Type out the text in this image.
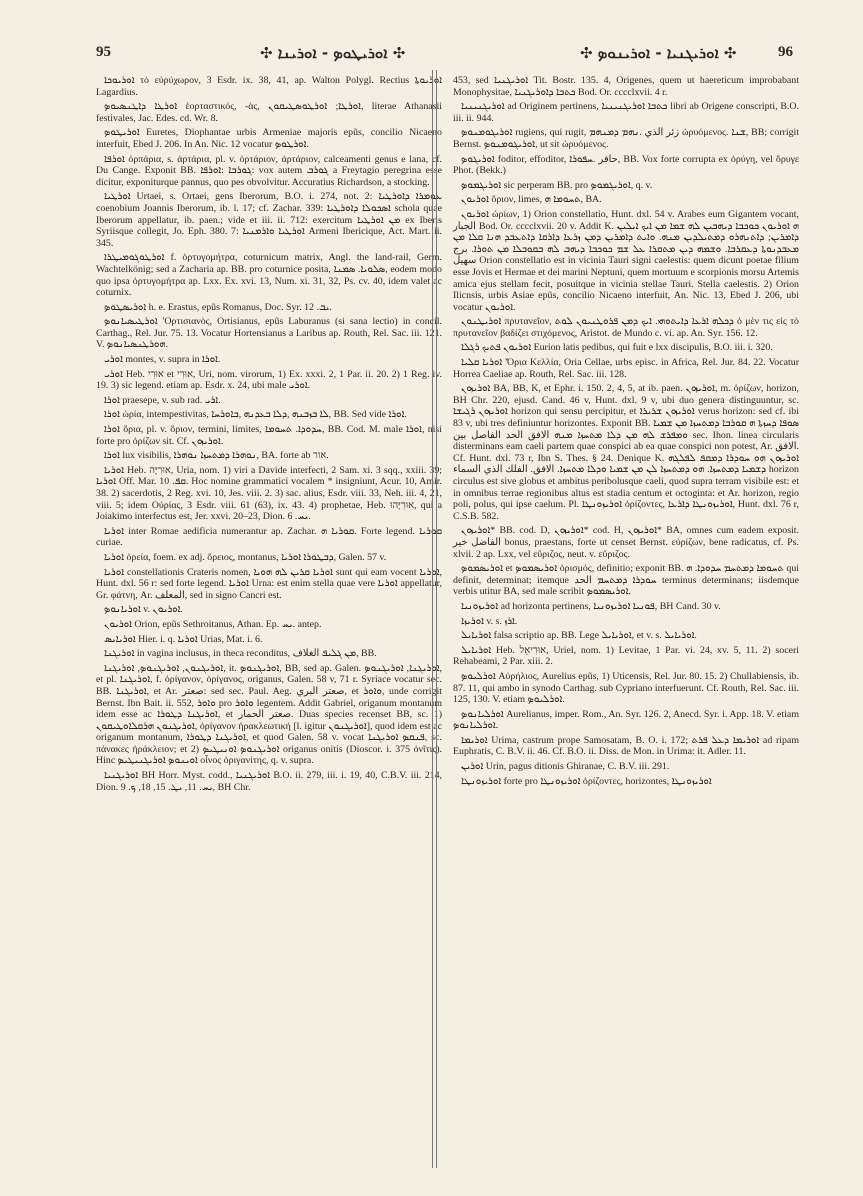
95	✣ ܐܘܪܝܛܘܤ - ܐܘܪܝܢܐ ✣	✣ ܐܘܪܝܓܢܝܐ - ܐܘܪܝܢܘܤ ✣	96

ܐܘܪܝܘܟܐ τὸ εὐρύχωρον, 3 Esdr. ix. 38, 41, ap. Walton Polygl. Rectius ܐܘܪܝܘܬܐ Lagardius.

ܐܘܪܛܐ ܕܐܛܢܣܝܘܤ ἑορταστικός, -ὰς, ܐܘܪܛܐ; ܐܘܪܛܘܤܛܝܩܘܢ, literae Athanasii festivales, Jac. Edes. cd. Wr. 8.

ܐܘܪܝܛܘܤ Euretes, Diophantae urbis Armeniae majoris epũs, concilio Nicaeno interfuit, Ebed J. 206. In An. Nic. 12 vocatur ܐܘܪܛܘܤ.

ܐܘܪܦܐ ὀρπάρια, s. ἀρτάρια, pl. v. ὀρτάριον, ἀρτάριον, calceamenti genus e lana, cf. Du Cange. Exponit BB. ܓܘܪܒܐ :ܐܘܪܦܐ: vox autem ܓܘܪܒ a Freytagio peregrina esse dicitur, exponiturque pannus, quo pes obvolvitur. Accuratius Richardson, a stocking.

ܐܘܪܛܝܐ Urtaei, s. Ortaei, gens Iberorum, B.O. i. 274, not. 2: ܥܘܡܪܐ ܕܐܘܪܛܝܐ coenobium Joannis Iberorum, ib. l. 17; cf. Zachar. 339: ܐܣܟܘܠܐ ܕܐܘܪܛܝܐ schola quae Iberorum appellatur, ib. paen.; vide et iii. ii. 712: exercitum ܡܢ ܐܘܪܛܝܐ ex Iberis Syriisque collegit, Jo. Eph. 380. 7: ܐܘܪܛܝܐ ܘܐܪܡܢܝܐ Armeni Ibericique, Act. Mart. ii. 345.

ܐܘܪܛܘܓܘܡܝܛܪܐ f. ὀρτυγομήτρα, coturnicum matrix, Angl. the land-rail, Germ. Wachtelkönig; sed a Zacharia ap. BB. pro coturnice posita, ܣܠܘܝܐ. ܣܡܢܐ, eodem modo quo ipsa ὀρτυγομήτρα ap. Lxx. Ex. xvi. 13, Num. xi. 31, 32, Ps. cv. 40, idem valet ac coturnix.

ܐܘܪܝܣܛܘܤ h. e. Erastus, epũs Romanus, Doc. Syr. ܝܒ. 12.

ܐܘܪܛܝܣܝܐܢܘܤ 'Ορτισιανὸς, Ortisianus, epũs Laburanus (si sana lectio) in concil. Carthag., Rel. Jur. 75. 13. Vocatur Hortensianus a Laribus ap. Routh, Rel. Sac. iii. 121. V. ܗܘܪܛܢܣܝܐܢܘܤ.

ܐܘܪܝ montes, v. supra in ܐܘܪܐ.

ܐܘܪܝ Heb. אוּרִי et אוּרִי, Uri, nom. virorum, 1) Ex. xxxi. 2, 1 Par. ii. 20. 2) 1 Reg. iv. 19. 3) sic legend. etiam ap. Esdr. x. 24, ubi male ܐܘܪܝ.

ܐܘܪܐ praesepe, v. sub rad. ܐܪܝ.

ܐܘܪܐ ὠρία, intempestivitas, ܠܐ ܒܙܒܢܗ ,ܕܠܐ ܒܥܕܢܗ ,ܒܐܘܪܚܐ, BB. Sed vide ܐܘܪܐ.

ܐܘܪܐ ὅρια, pl. v. ὅριον, termini, limites, ܚܕܘܕܐ. ܬܚܘܡܐ, BB. Cod. M. male ܐܘܪܐ, nisi forte pro ὀρίζων sit. Cf. ܐܘܪܝܙܘܢ.

ܐܘܪܐ lux visibilis, ܢܘܗܪܐ ܕܡܬܚܙܐ ܢܘܗܪܐ, BA. forte ab אור.

ܐܘܪܝܐ Heb. אוּרִיָּה, Uria, nom. 1) viri a Davide interfecti, 2 Sam. xi. 3 sqq., xxiii. 39; ܐܘܪܝܐ Off. Mar. ܩܦ. 10. Hoc nomine grammatici vocalem * insigniunt, Acur. 10, Amir. 38. 2) sacerdotis, 2 Reg. xvi. 10, Jes. viii. 2. 3) sac. alius, Esdr. viii. 33, Neh. iii. 4, 21, viii. 5; idem Οὐρίας, 3 Esdr. viii. 61 (63), ix. 43. 4) prophetae, Heb. אוּרִיָּהוּ, qui a Joiakimo interfectus est, Jer. xxvi. 20–23, Dion. ܝܚ. 6.

ܐܘܪܝܐ inter Romae aedificia numerantur ap. Zachar. ܩܘܪܝܐ ܗ. Forte legend. ܩܘܪܝܐ curiae.

ܐܘܪܝܐ ὀρεία, foem. ex adj. ὄρειος, montanus, ܕܒܛܘܪܐ ܐܘܪܝܐ, Galen. 57 v.

ܐܘܪܝܐ constellationis Crateris nomen, ܐܘܪܝܐ ܩܪܝܢ ܠܗ ܗܘܝܐ sunt qui eam vocent ܐܘܪܝܐ, Hunt. dxl. 56 r: sed forte legend. ܐܘܪܝܐ Urna: est enim stella quae vere ܐܘܪܝܐ appellatur, Gr. φάτνη, Ar. المعلف, sed in signo Cancri est.

ܐܘܪܝܐܢܘܤ v. ܐܘܪܝܘܢ.

ܐܘܪܝܘܢ Orion, epũs Sethroitanus, Athan. Ep. ܝܚ. antep.

ܐܘܪܝܐܝܣ Hier. i. q. ܐܘܪܝܐ Urias, Mat. i. 6.

ܐܘܪܝܓܢܐ in vagina inclusus, in theca reconditus, ܡܢ ܓܠܝܦ الغلاف, BB.

ܐܘܪܝܓܢܘܢ, ܐܘܪܝܓܢܘܤ, ܐܘܪܝܓܢܐ, it. ܐܘܪܝܓܢܘܤ, BB, sed ap. Galen. ܐܘܪܝܓܢܐ, ܐܘܪܝܓܢܘܤ, et pl. ܐܘܪܝܓܢܐ, f. ὀρίγανον, ὀρίγανος, origanus, Galen. 58 v, 71 r. Syriace vocatur sec. BB. ܐܘܪܝܓܢܐ, et Ar. صعتر: sed sec. Paul. Aeg. صعتر البري, et ܘܐܘܪ, unde corrigit Bernst. Ibn Bait. ii. 552, ܘܐܘܪ pro ܘܐܘܪ legentem. Addit Gabriel, origanum montanum idem esse ac ܐܘܪܝܓܢܐ ܕܛܘܪܐ, et صعتر الحمار. Duas species recenset BB, sc. 1) ܐܘܪܝܓܢܘܢ ܗܪܩܠܐܘܛܝܩܘܢ, ὀρίγανον ἡρακλεωτική [l. igitur ܐܘܪܝܓܢܘܢ], quod idem est ac origanum montanum, ܐܘܪܝܓܢܐ ܕܛܘܪܐ, et quod Galen. 58 v. vocat ܦܢܩܤ ܐܘܪܝܓܢܐ, sc. πάνακες ἡράκλειον; et 2) ܐܘܪܝܓܢܘܤ ܐܘܢܝܛܝܤ origanus onitis (Dioscor. i. 375 ὀνῖτις). Hinc ܐܘܝܢܘܤ ܐܘܪܝܓܢܝܛܝܤ οἶνος ὀριγανίτης, q. v. supra.

ܐܘܪܝܓܢܝܐ BH Horr. Myst. codd., ܐܘܪܝܓܢܝܐ B.O. ii. 279, iii. i. 19, 40, C.B.V. iii. 214, Dion. ܝܚ. 11, ܝܛ. 15, 18, ܟ. 9, BH Chr.

453, sed ܐܘܪܝܓܢܝܐ Tit. Bostr. 135. 4, Origenes, quem ut haereticum improbabant Monophysitae, ܟܬܒܐ ܕܐܘܪܝܓܢܝܐ Bod. Or. cccclxvii. 4 r.

ܐܘܪܝܓܢܝܢܝܐ ad Originem pertinens, ܟܬܒܐ ܐܘܪܝܓܢܝܢܝܐ libri ab Origene conscripti, B.O. iii. ii. 944.

ܐܘܪܝܓܘܡܢܘܤ rugiens, qui rugit, زئر الذي .ܢܗܡ ܕܡܢܗܡ ὠρυόμενος. ܫܢܐ, BB; corrigit Bernst. ܐܘܪܝܓܘܡܢܘܤ, ut sit ὠρυόμενος.

ܐܘܪܝܓܘܤ foditor, effoditor, حافر .ܚܦܘܪܐ, BB. Vox forte corrupta ex ὀρύγη, vel ὄρυγε Phot. (Bekk.)

ܐܘܪܝܓܡܘܤ sic perperam BB. pro ܐܘܪܝܓܡܘܤ, q. v.

ܐܘܪܝܘܢ ὅριον, limes, ܬܚܘܡܐ ܗ, BA.

ܐܘܪܝܘܢ ὠρίων, 1) Orion constellatio, Hunt. dxl. 54 v. Arabes eum Gigantem vocant, الجبار Bod. Or. cccclxvii. 20 v. Addit K. ܗ ܐܘܪܝܘܢ ܟܘܟܒܐ ܕܝܗܒܝܢ ܠܗ ܫܡܐ ܡܢ ܐܝܟ ܐܝܠܝܢ ܕܐܡܪܝܢ; ܕܐܬܢܗܪܘ ܕܡܬܝܠܕܝܢ ܡܢܗ. ܘܐܝܬ ܕܐܡܪܝܢ ܕܡܢ ܙܪܥܐ ܕܐܪܩܐ ܕܐܬܥܒܕ ܗܢܐ ܩܠܐ ܡܢ ܡܥܒܕܢܘܬܐ ܕܥܩܪܒܐ. ܘܫܡܗ ܕܝܢ ܡܬܩܪܐ ܥܠ ܫܡ ܟܘܟܒܐ ܕܝܗܒ ܠܗ ܒܩܘܒܠܐ ܡܢ ܬܘܪܐ. برج سهيل Orion constellatio est in vicinia Tauri signi caelestis: quem dicunt poetae filium esse Jovis et Hermae et dei marini Neptuni, quem mortuum e scorpionis morsu Artemis amica ejus stellam fecit, posuitque in vicinia stellae Tauri. Stella caelestis. 2) Orion Ilicnsis, urbis Asiae epũs, concilio Nicaeno interfuit, An. Nic. 13, Ebed J. 206, ubi vocatur ܐܘܪܝܘܢ.

ܐܘܪܝܛܢܘܢ πρυτανεῖον, ܕܟܠܗ ܐܪܥܐ ܕܐܝܬܘܗܝ. ܐܝܟ ܕܡܢ ܦܪܘܛܢܝܘܢ ܠܘܬ ὁ μὲν τις εἰς τὸ πρυτανεῖον βαδίζει στιχόμενος, Aristot. de Mundo c. vi. ap. An. Syr. 156. 12.

ܐܘܪܝܘܢ ܦܬܝܟ ܪܓܠܐ Eurion latis pedibus, qui fuit e lxx discipulis, B.O. iii. i. 320.

ܐܘܪܝܐ ܩܠܝܐ 'Όρια Κελλία, Oria Cellae, urbs episc. in Africa, Rel. Jur. 84. 22. Vocatur Horrea Caeliae ap. Routh, Rel. Sac. iii. 128.

ܐܘܪܝܙܘܢ BA, BB, K, et Ephr. i. 150. 2, 4, 5, at ib. paen. ܐܘܪܝܙܘܢ, m. ὁρίζων, horizon, BH Chr. 220, ejusd. Cand. 46 v, Hunt. dxl. 9 v, ubi duo genera distinguuntur, sc. ܐܘܪܝܙܘܢ ܪܓܝܫܐ horizon qui sensu percipitur, et ܐܘܪܝܙܘܢ ܫܪܝܪܐ verus horizon: sed cf. ibi 83 v, ubi tres definiuntur horizontes. Exponit BB. ܣܘܦܐ ܕܚܙܬܐ ܗ ܩܘܪܒܐ ܕܡܬܚܙܐ ܡܢ ܫܡܝܐ ܘܡܦܪܫ ܠܗ ܡܢ ܕܠܐ ܡܬܚܙܐ ܡܢܗ الافق الحد الفاصل بين sec. Ihon. linea circularis disterminans eam caeli partem quae conspici ab ea quae conspici non potest, Ar. الافق. Cf. Hunt. dxl. 73 r, Ibn S. Thes. § 24. Denique K. ܐܘܪܝܙܘܢ ܗܘ ܚܘܕܪܐ ܕܡܩܦ ܠܦܠܓܗ ܕܫܡܝܐ ܕܡܬܚܙܐ. ܗܘ ܕܡܬܚܙܐ ܠܢ ܡܢ ܫܡܝܐ ܘܕܠܐ ܡܬܚܙܐ. الافق. الفلك الذي السماء horizon circulus est sive globus et ambitus peribolusque caeli, quod supra terram visibile est: et in omnibus terrae regionibus altus est stadia centum et octoginta: et Ar. horizon, regio poli, polus, qui ipse caelum. Pl. ܐܘܪܝܙܘܢܛܐ ὁρίζοντες, ܐܘܪܝܙܘܢܛܐ ܕܐܪܥܐ, Hunt. dxl. 76 r, C.S.B. 582.

ܐܘܪܝܙܘܢ* BB. cod. D, ܐܘܪܝܙܘܢ* cod. H, ܐܘܪܝܙܘܢ* BA, omnes cum eadem exposit. الفاضل خير bonus, praestans, forte ut censet Bernst. εὐρίζων, bene radicatus, cf. Ps. xlvii. 2 ap. Lxx, vel εὔριζος, neut. v. εὔριζος.

ܐܘܪܝܣܡܘܤ et ܐܘܪܝܣܡܘܤ ὁρισμός, definitio; exponit BB. ܬܚܘܡܐ ܕܡܬܚܡ ܚܕܘܕܐ. ܗ qui definit, determinat; itemque ܚܘܕܪܐ ܕܡܬܚܡ الحد terminus determinans; iisdemque verbis utitur BA, sed male scribit ܐܘܪܝܣܡܘܤ.

ܐܘܪܝܙܘܢܝܐ ad horizonta pertinens, ܦܘܢܝܐ ܐܘܪܝܙܘܢܝܐ, BH Cand. 30 v.

ܐܘܪܝܙܐ v. s. ܐܪܙ.

ܐܘܪܝܐܝܠ falsa scriptio ap. BB. Lege ܐܘܪܝܐܝܠ, et v. s. ܐܘܪܝܐܝܠ.

ܐܘܪܝܐܝܠ Heb. אוּרִיאֵל, Uriel, nom. 1) Levitae, 1 Par. vi. 24, xv. 5, 11. 2) soceri Rehabeami, 2 Par. xiii. 2.

ܐܘܪܠܝܘܤ Αὐρήλιος, Aurelius epũs, 1) Uticensis, Rel. Jur. 80. 15. 2) Chullabiensis, ib. 87. 11, qui ambo in synodo Carthag. sub Cypriano interfuerunt. Cf. Routh, Rel. Sac. iii. 125, 130. V. etiam ܐܘܪܠܝܘܤ.

ܐܘܪܠܝܐܢܘܤ Aurelianus, imper. Rom., An. Syr. 126. 2, Anecd. Syr. i. App. 18. V. etiam ܐܘܪܠܝܐܢܘܤ.

ܐܘܪܝܡܐ Urima, castrum prope Samosatam, B. O. i. 172; ܐܘܪܝܡܐ ܕܥܠ ܦܪܬ ad ripam Euphratis, C. B.V. ii. 46. Cf. B.O. ii. Diss. de Mon. in Urima: it. Adler. 11.

ܐܘܪܝܢ Urin, pagus ditionis Ghiranae, C. B.V. iii. 291.

ܐܘܪܝܙܘܢܛܐ forte pro ܐܘܪܝܙܘܢܛܐ ὁρίζοντες, horizontes, ܐܘܪܝܙܘܢܛܐ
